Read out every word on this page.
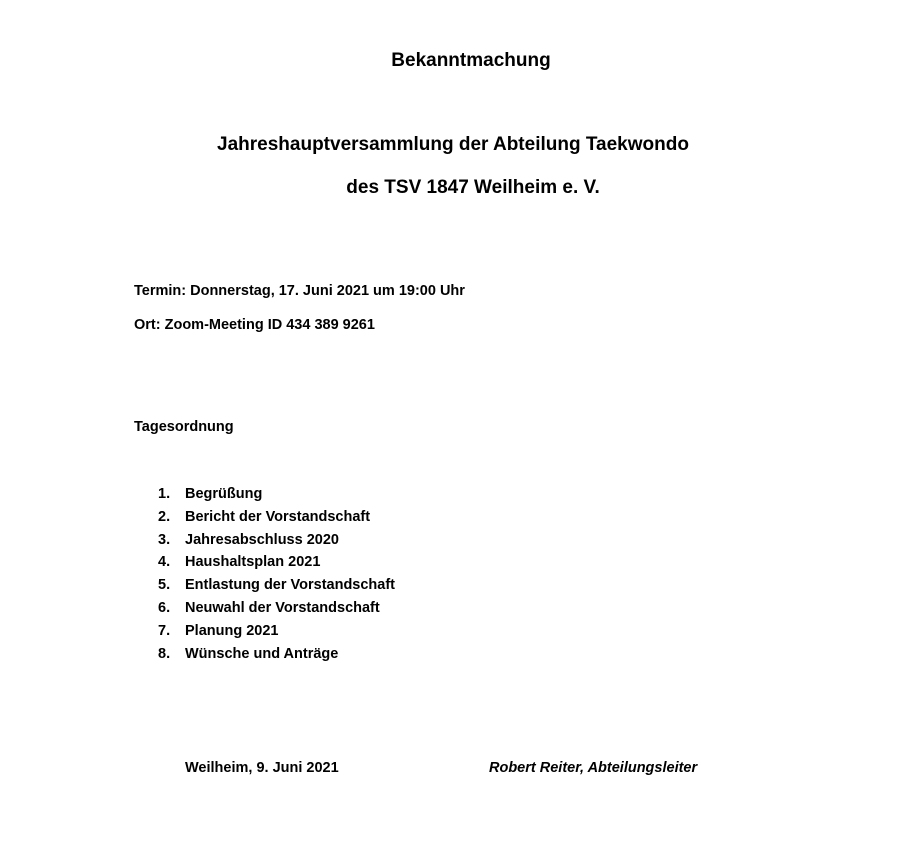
Bekanntmachung
Jahreshauptversammlung der Abteilung Taekwondo
des TSV 1847 Weilheim e. V.
Termin: Donnerstag, 17. Juni 2021 um 19:00 Uhr
Ort: Zoom-Meeting ID 434 389 9261
Tagesordnung
1.	Begrüßung
2.	Bericht der Vorstandschaft
3.	Jahresabschluss 2020
4.	Haushaltsplan 2021
5.	Entlastung der Vorstandschaft
6.	Neuwahl der Vorstandschaft
7.	Planung 2021
8.	Wünsche und Anträge
Weilheim, 9. Juni 2021	Robert Reiter, Abteilungsleiter
